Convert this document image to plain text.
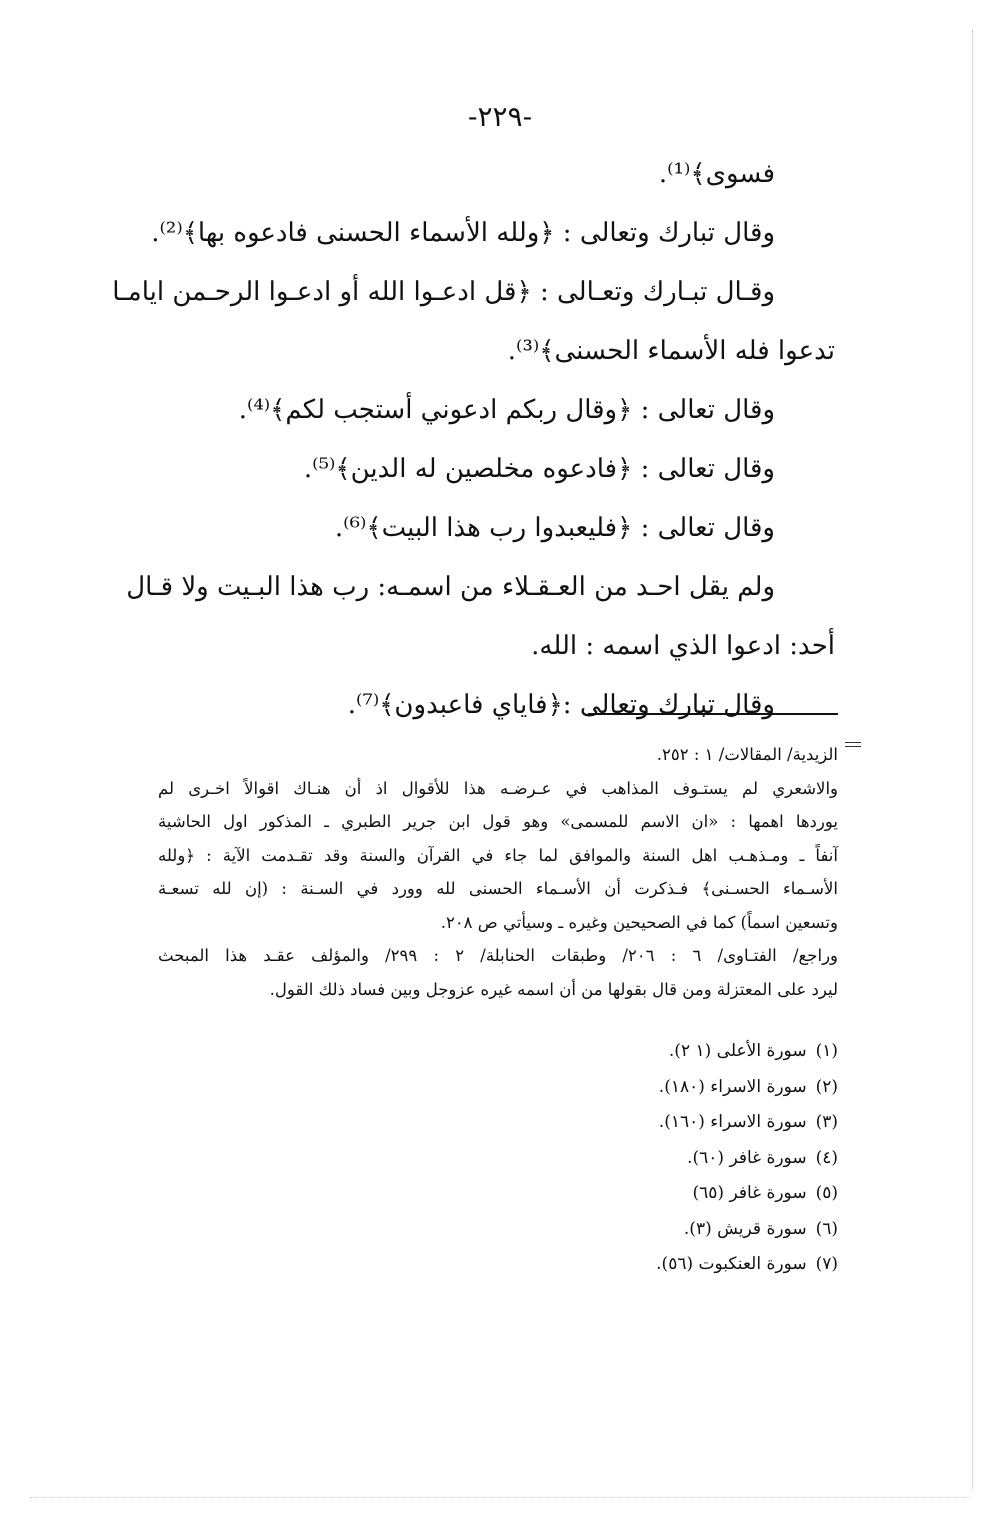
-٢٢٩-
فسوى﴾⁽¹⁾.
وقال تبارك وتعالى : ﴿ولله الأسماء الحسنى فادعوه بها﴾⁽²⁾.
وقـال تبـارك وتعـالى : ﴿قل ادعـوا الله أو ادعـوا الرحـمن ايامـا
تدعوا فله الأسماء الحسنى﴾⁽³⁾.
وقال تعالى : ﴿وقال ربكم ادعوني أستجب لكم﴾⁽⁴⁾.
وقال تعالى : ﴿فادعوه مخلصين له الدين﴾⁽⁵⁾.
وقال تعالى : ﴿فليعبدوا رب هذا البيت﴾⁽⁶⁾.
ولم يقل احـد من العـقـلاء من اسمـه: رب هذا البـيت ولا قـال
أحد: ادعوا الذي اسمه : الله.
وقال تبارك وتعالى :﴿فاياي فاعبدون﴾⁽⁷⁾.
الزيدية/ المقالات/ ١ : ٢٥٢.
والاشعري لم يستـوف المذاهب في عـرضـه هذا للأقوال اذ أن هنـاك اقوالاً اخـرى لم
يوردها اهمها : «ان الاسم للمسمى» وهو قول ابن جرير الطبري ـ المذكور اول الحاشية
آنفاً ـ ومـذهـب اهل السنة والموافق لما جاء في القرآن والسنة وقد تقـدمت الآية : ﴿ولله
الأسـماء الحسـنى﴾ فـذكرت أن الأسـماء الحسنى لله وورد في السـنة : (إن لله تسعـة
وتسعين اسماً) كما في الصحيحين وغيره ـ وسيأتي ص ٢٠٨.
وراجع/ الفتـاوى/ ٦ : ٢٠٦/ وطبقات الحنابلة/ ٢ : ٢٩٩/ والمؤلف عقـد هذا المبحث
ليرد على المعتزلة ومن قال بقولها من أن اسمه غيره عزوجل وبين فساد ذلك القول.
(١) سورة الأعلى (١ ٢).
(٢) سورة الاسراء (١٨٠).
(٣) سورة الاسراء (١٦٠).
(٤) سورة غافر (٦٠).
(٥) سورة غافر (٦٥)
(٦) سورة قريش (٣).
(٧) سورة العنكبوت (٥٦).
